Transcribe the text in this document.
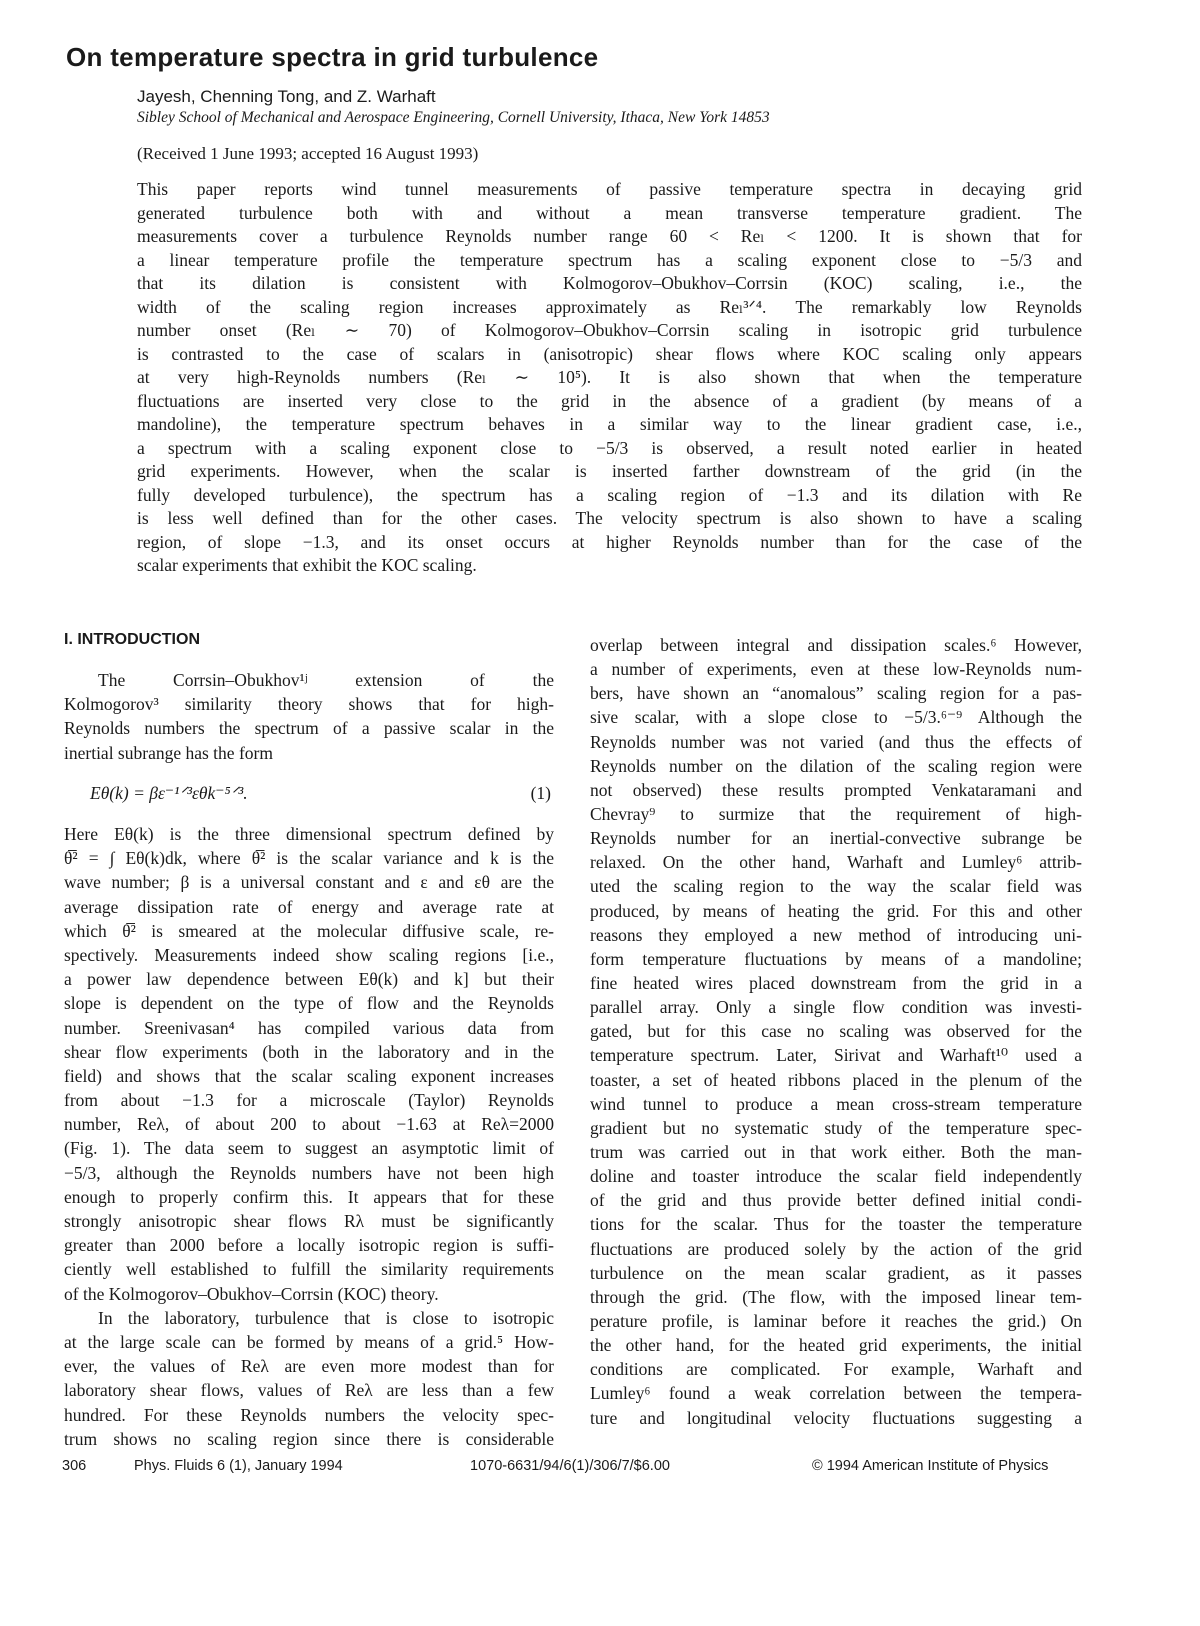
On temperature spectra in grid turbulence
Jayesh, Chenning Tong, and Z. Warhaft
Sibley School of Mechanical and Aerospace Engineering, Cornell University, Ithaca, New York 14853
(Received 1 June 1993; accepted 16 August 1993)
This paper reports wind tunnel measurements of passive temperature spectra in decaying grid
generated turbulence both with and without a mean transverse temperature gradient. The
measurements cover a turbulence Reynolds number range 60 < Reₗ < 1200. It is shown that for
a linear temperature profile the temperature spectrum has a scaling exponent close to −5/3 and
that its dilation is consistent with Kolmogorov–Obukhov–Corrsin (KOC) scaling, i.e., the
width of the scaling region increases approximately as Reₗ³ᐟ⁴. The remarkably low Reynolds
number onset (Reₗ ∼ 70) of Kolmogorov–Obukhov–Corrsin scaling in isotropic grid turbulence
is contrasted to the case of scalars in (anisotropic) shear flows where KOC scaling only appears
at very high-Reynolds numbers (Reₗ ∼ 10⁵). It is also shown that when the temperature
fluctuations are inserted very close to the grid in the absence of a gradient (by means of a
mandoline), the temperature spectrum behaves in a similar way to the linear gradient case, i.e.,
a spectrum with a scaling exponent close to −5/3 is observed, a result noted earlier in heated
grid experiments. However, when the scalar is inserted farther downstream of the grid (in the
fully developed turbulence), the spectrum has a scaling region of −1.3 and its dilation with Re
is less well defined than for the other cases. The velocity spectrum is also shown to have a scaling
region, of slope −1.3, and its onset occurs at higher Reynolds number than for the case of the
scalar experiments that exhibit the KOC scaling.
I. INTRODUCTION
The Corrsin–Obukhov¹ʲ extension of the
Kolmogorov³ similarity theory shows that for high-
Reynolds numbers the spectrum of a passive scalar in the
inertial subrange has the form
Eθ(k) = βε⁻¹ᐟ³εθk⁻⁵ᐟ³.	(1)
Here Eθ(k) is the three dimensional spectrum defined by
θ̅² = ∫ Eθ(k)dk, where θ̅² is the scalar variance and k is the
wave number; β is a universal constant and ε and εθ are the
average dissipation rate of energy and average rate at
which θ̅² is smeared at the molecular diffusive scale, re-
spectively. Measurements indeed show scaling regions [i.e.,
a power law dependence between Eθ(k) and k] but their
slope is dependent on the type of flow and the Reynolds
number. Sreenivasan⁴ has compiled various data from
shear flow experiments (both in the laboratory and in the
field) and shows that the scalar scaling exponent increases
from about −1.3 for a microscale (Taylor) Reynolds
number, Reλ, of about 200 to about −1.63 at Reλ=2000
(Fig. 1). The data seem to suggest an asymptotic limit of
−5/3, although the Reynolds numbers have not been high
enough to properly confirm this. It appears that for these
strongly anisotropic shear flows Rλ must be significantly
greater than 2000 before a locally isotropic region is suffi-
ciently well established to fulfill the similarity requirements
of the Kolmogorov–Obukhov–Corrsin (KOC) theory.
In the laboratory, turbulence that is close to isotropic
at the large scale can be formed by means of a grid.⁵ How-
ever, the values of Reλ are even more modest than for
laboratory shear flows, values of Reλ are less than a few
hundred. For these Reynolds numbers the velocity spec-
trum shows no scaling region since there is considerable
overlap between integral and dissipation scales.⁶ However,
a number of experiments, even at these low-Reynolds num-
bers, have shown an “anomalous” scaling region for a pas-
sive scalar, with a slope close to −5/3.⁶⁻⁹ Although the
Reynolds number was not varied (and thus the effects of
Reynolds number on the dilation of the scaling region were
not observed) these results prompted Venkataramani and
Chevray⁹ to surmize that the requirement of high-
Reynolds number for an inertial-convective subrange be
relaxed. On the other hand, Warhaft and Lumley⁶ attrib-
uted the scaling region to the way the scalar field was
produced, by means of heating the grid. For this and other
reasons they employed a new method of introducing uni-
form temperature fluctuations by means of a mandoline;
fine heated wires placed downstream from the grid in a
parallel array. Only a single flow condition was investi-
gated, but for this case no scaling was observed for the
temperature spectrum. Later, Sirivat and Warhaft¹⁰ used a
toaster, a set of heated ribbons placed in the plenum of the
wind tunnel to produce a mean cross-stream temperature
gradient but no systematic study of the temperature spec-
trum was carried out in that work either. Both the man-
doline and toaster introduce the scalar field independently
of the grid and thus provide better defined initial condi-
tions for the scalar. Thus for the toaster the temperature
fluctuations are produced solely by the action of the grid
turbulence on the mean scalar gradient, as it passes
through the grid. (The flow, with the imposed linear tem-
perature profile, is laminar before it reaches the grid.) On
the other hand, for the heated grid experiments, the initial
conditions are complicated. For example, Warhaft and
Lumley⁶ found a weak correlation between the tempera-
ture and longitudinal velocity fluctuations suggesting a
306	Phys. Fluids 6 (1), January 1994	1070-6631/94/6(1)/306/7/$6.00	© 1994 American Institute of Physics
